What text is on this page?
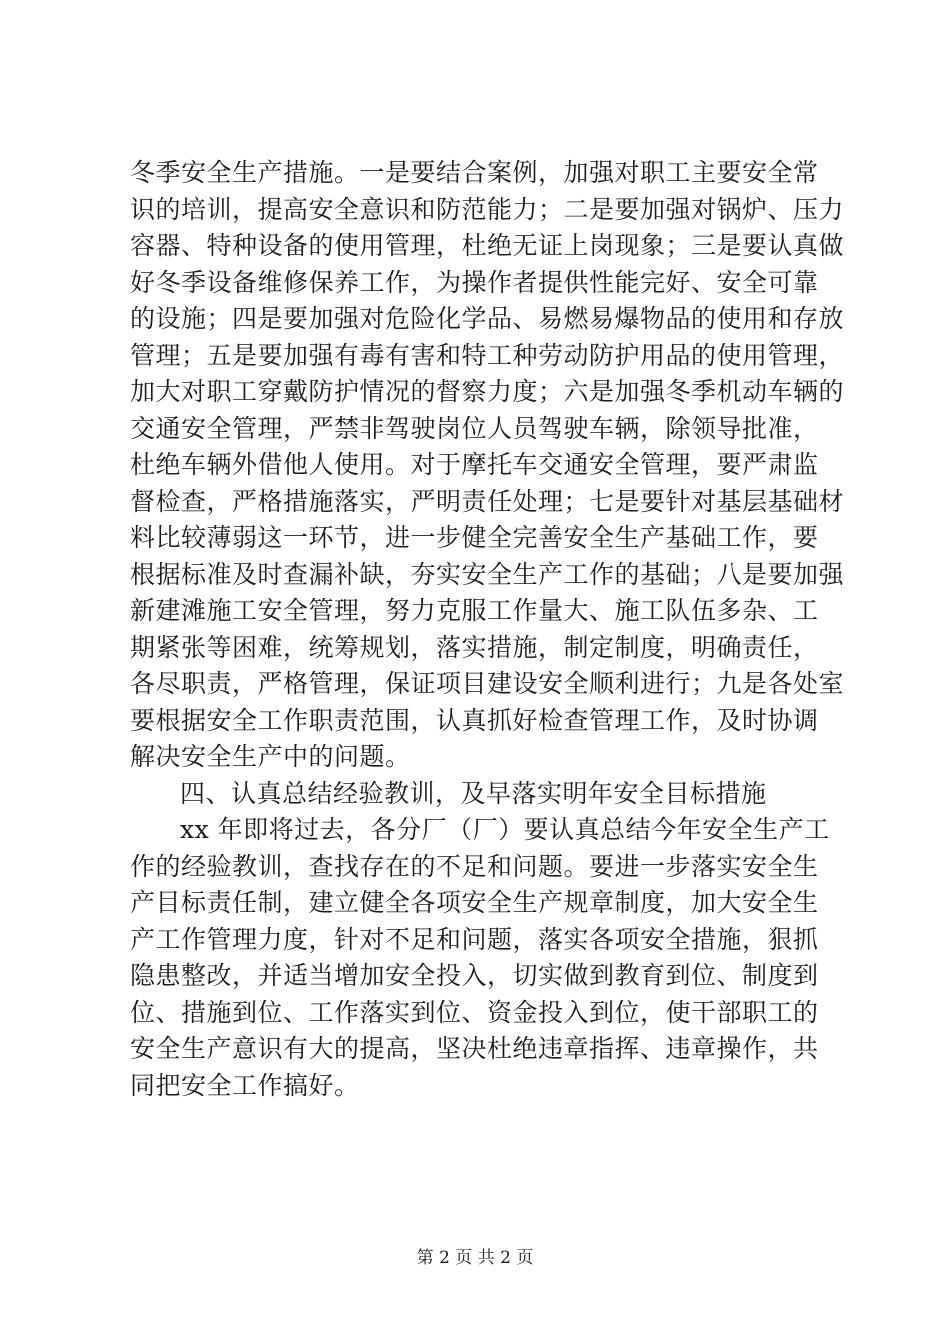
冬季安全生产措施。一是要结合案例，加强对职工主要安全常
识的培训，提高安全意识和防范能力；二是要加强对锅炉、压力
容器、特种设备的使用管理，杜绝无证上岗现象；三是要认真做
好冬季设备维修保养工作，为操作者提供性能完好、安全可靠
的设施；四是要加强对危险化学品、易燃易爆物品的使用和存放
管理；五是要加强有毒有害和特工种劳动防护用品的使用管理，
加大对职工穿戴防护情况的督察力度；六是加强冬季机动车辆的
交通安全管理，严禁非驾驶岗位人员驾驶车辆，除领导批准，
杜绝车辆外借他人使用。对于摩托车交通安全管理，要严肃监
督检查，严格措施落实，严明责任处理；七是要针对基层基础材
料比较薄弱这一环节，进一步健全完善安全生产基础工作，要
根据标准及时查漏补缺，夯实安全生产工作的基础；八是要加强
新建滩施工安全管理，努力克服工作量大、施工队伍多杂、工
期紧张等困难，统筹规划，落实措施，制定制度，明确责任，
各尽职责，严格管理，保证项目建设安全顺利进行；九是各处室
要根据安全工作职责范围，认真抓好检查管理工作，及时协调
解决安全生产中的问题。
四、认真总结经验教训，及早落实明年安全目标措施
xx 年即将过去，各分厂（厂）要认真总结今年安全生产工
作的经验教训，查找存在的不足和问题。要进一步落实安全生
产目标责任制，建立健全各项安全生产规章制度，加大安全生
产工作管理力度，针对不足和问题，落实各项安全措施，狠抓
隐患整改，并适当增加安全投入，切实做到教育到位、制度到
位、措施到位、工作落实到位、资金投入到位，使干部职工的
安全生产意识有大的提高，坚决杜绝违章指挥、违章操作，共
同把安全工作搞好。
第 2 页 共 2 页
